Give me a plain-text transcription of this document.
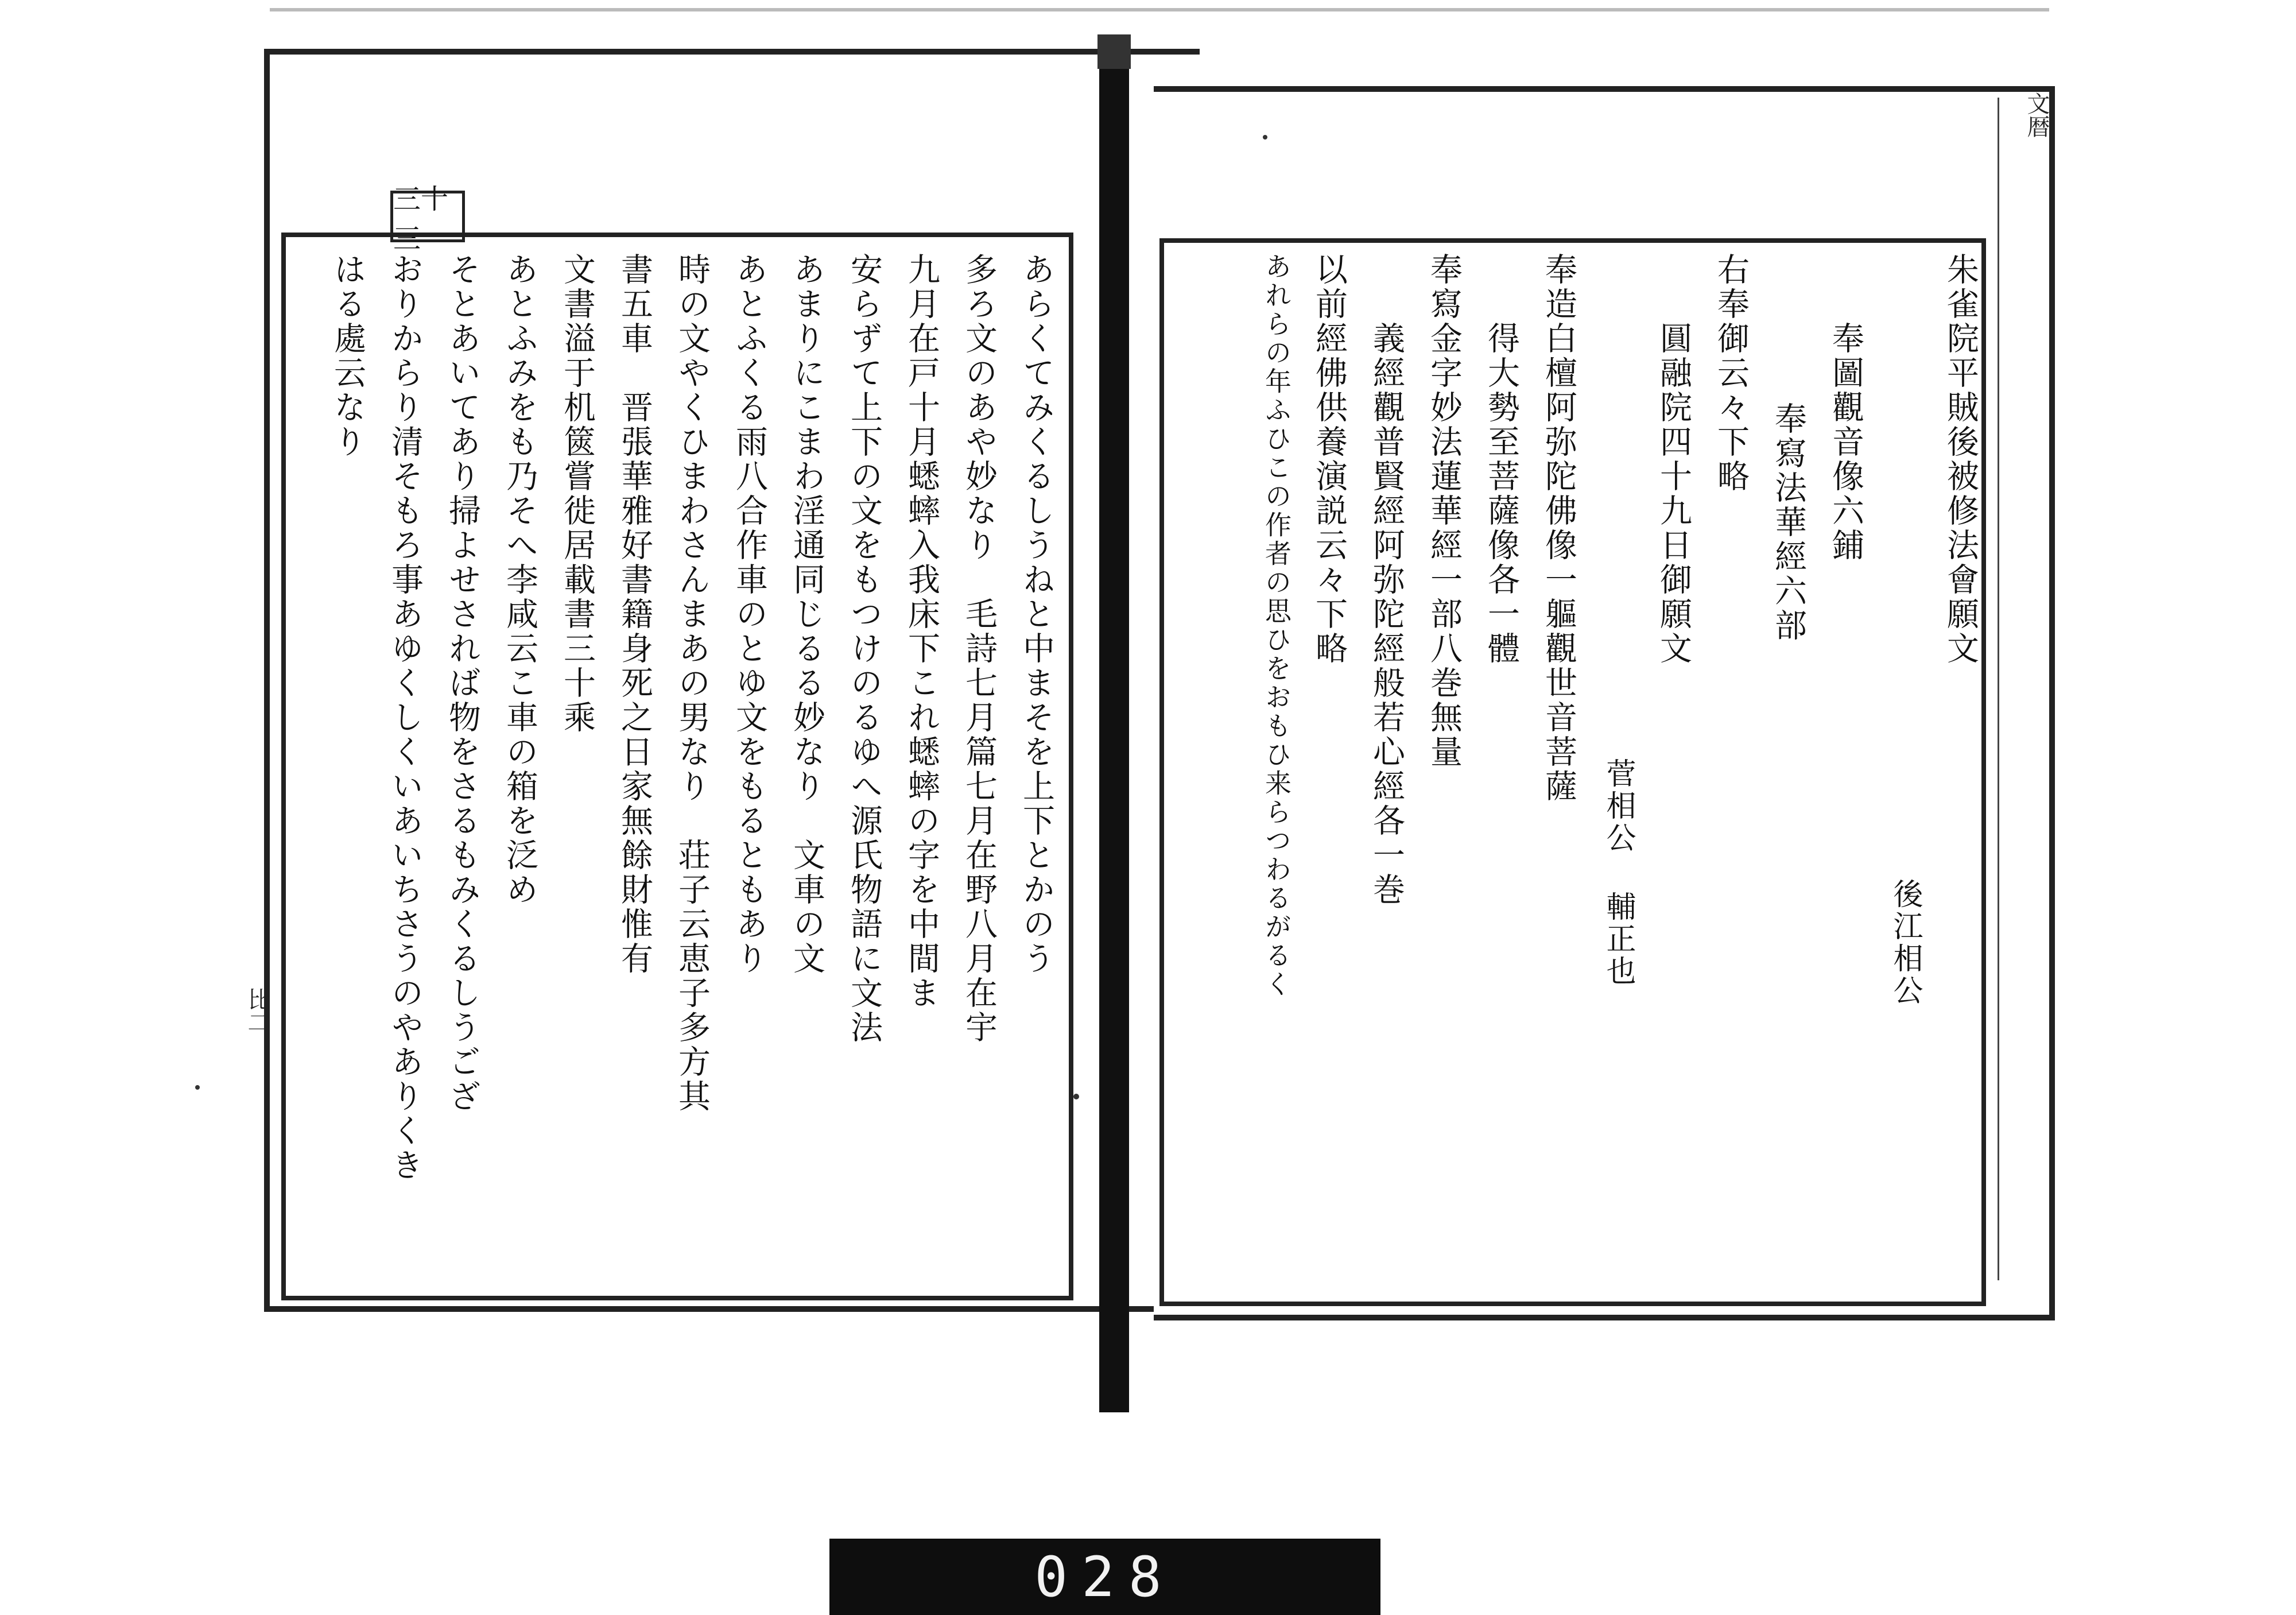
三十三
あらくてみくるしうねと中まそを上下とかのう
多ろ文のあや妙なり　毛詩七月篇七月在野八月在宇
九月在戸十月蟋蟀入我床下これ蟋蟀の字を中間ま
安らずて上下の文をもつけのるゆへ源氏物語に文法
あまりにこまわ淫通同じるる妙なり　文車の文
あとふくる雨八合作車のとゆ文をもるともあり
時の文やくひまわさんまあの男なり　荘子云恵子多方其
書五車　晋張華雅好書籍身死之日家無餘財惟有
文書溢于机篋嘗徙居載書三十乘
あとふみをも乃そへ李咸云こ車の箱を泛め
そとあいてあり掃よせされば物をさるもみくるしうござ
おりからり清そもろ事あゆくしくいあいちさうのやありくき
はる處云なり	朱雀院平賊後被修法會願文
後江相公
奉圖觀音像六鋪
奉寫法華經六部
右奉御云々下略
圓融院四十九日御願文
菅相公 輔正也
奉造白檀阿弥陀佛像一軀觀世音菩薩
得大勢至菩薩像各一體
奉寫金字妙法蓮華經一部八巻無量
義經觀普賢經阿弥陀經般若心經各一巻
以前經佛供養演説云々下略
あれらの年ふひこの作者の思ひをおもひ来らつわるがるく
比二
文暦
028
